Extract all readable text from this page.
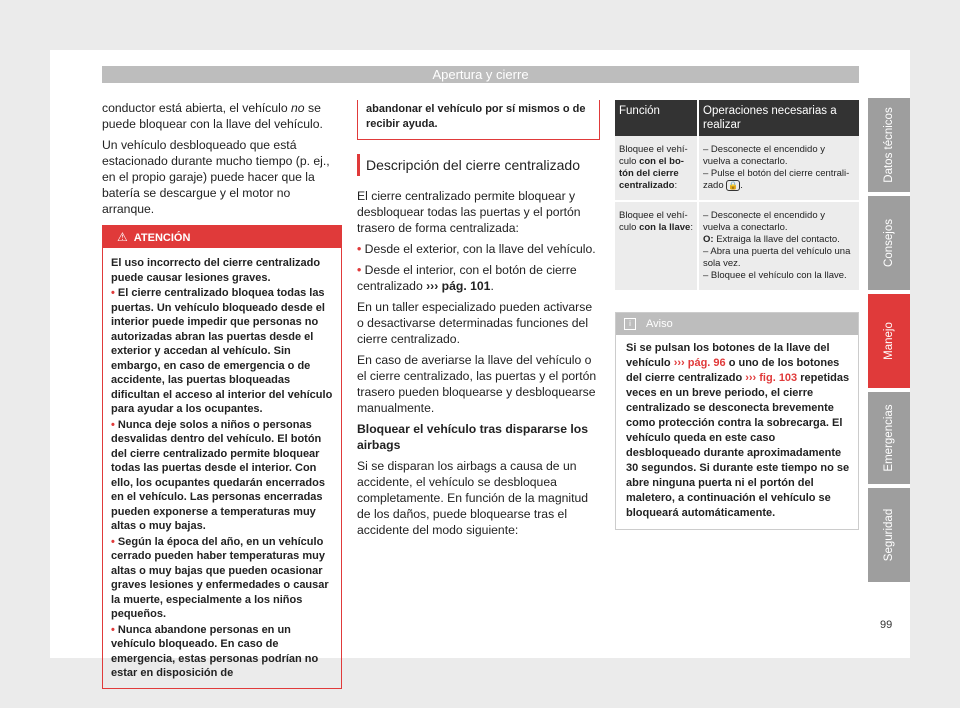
Apertura y cierre

conductor está abierta, el vehículo no se puede bloquear con la llave del vehículo.

Un vehículo desbloqueado que está estacionado durante mucho tiempo (p. ej., en el propio garaje) puede hacer que la batería se descargue y el motor no arranque.

⚠ ATENCIÓN

El uso incorrecto del cierre centralizado puede causar lesiones graves.

• El cierre centralizado bloquea todas las puertas. Un vehículo bloqueado desde el interior puede impedir que personas no autorizadas abran las puertas desde el exterior y accedan al vehículo. Sin embargo, en caso de emergencia o de accidente, las puertas bloqueadas dificultan el acceso al interior del vehículo para ayudar a los ocupantes.

• Nunca deje solos a niños o personas desvalidas dentro del vehículo. El botón del cierre centralizado permite bloquear todas las puertas desde el interior. Con ello, los ocupantes quedarán encerrados en el vehículo. Las personas encerradas pueden exponerse a temperaturas muy altas o muy bajas.

• Según la época del año, en un vehículo cerrado pueden haber temperaturas muy altas o muy bajas que pueden ocasionar graves lesiones y enfermedades o causar la muerte, especialmente a los niños pequeños.

• Nunca abandone personas en un vehículo bloqueado. En caso de emergencia, estas personas podrían no estar en disposición de

abandonar el vehículo por sí mismos o de recibir ayuda.
Descripción del cierre centralizado

El cierre centralizado permite bloquear y desbloquear todas las puertas y el portón trasero de forma centralizada:

• Desde el exterior, con la llave del vehículo.

• Desde el interior, con el botón de cierre centralizado ››› pág. 101.

En un taller especializado pueden activarse o desactivarse determinadas funciones del cierre centralizado.

En caso de averiarse la llave del vehículo o el cierre centralizado, las puertas y el portón trasero pueden bloquearse y desbloquearse manualmente.

Bloquear el vehículo tras dispararse los airbags

Si se disparan los airbags a causa de un accidente, el vehículo se desbloquea completamente. En función de la magnitud de los daños, puede bloquearse tras el accidente del modo siguiente:

Función	Operaciones necesarias a realizar
Bloquee el vehículo con el botón del cierre centralizado:	– Desconecte el encendido y vuelva a conectarlo.
– Pulse el botón del cierre centralizado 🔒 .

Bloquee el vehículo con la llave:	– Desconecte el encendido y vuelva a conectarlo.
O: Extraiga la llave del contacto.
– Abra una puerta del vehículo una sola vez.
– Bloquee el vehículo con la llave.
i Aviso
Si se pulsan los botones de la llave del vehículo ››› pág. 96 o uno de los botones del cierre centralizado ››› fig. 103 repetidas veces en un breve periodo, el cierre centralizado se desconecta brevemente como protección contra la sobrecarga. El vehículo queda en este caso desbloqueado durante aproximadamente 30 segundos. Si durante este tiempo no se abre ninguna puerta ni el portón del maletero, a continuación el vehículo se bloqueará automáticamente.
Datos técnicos
Consejos
Manejo
Emergencias
Seguridad
99
